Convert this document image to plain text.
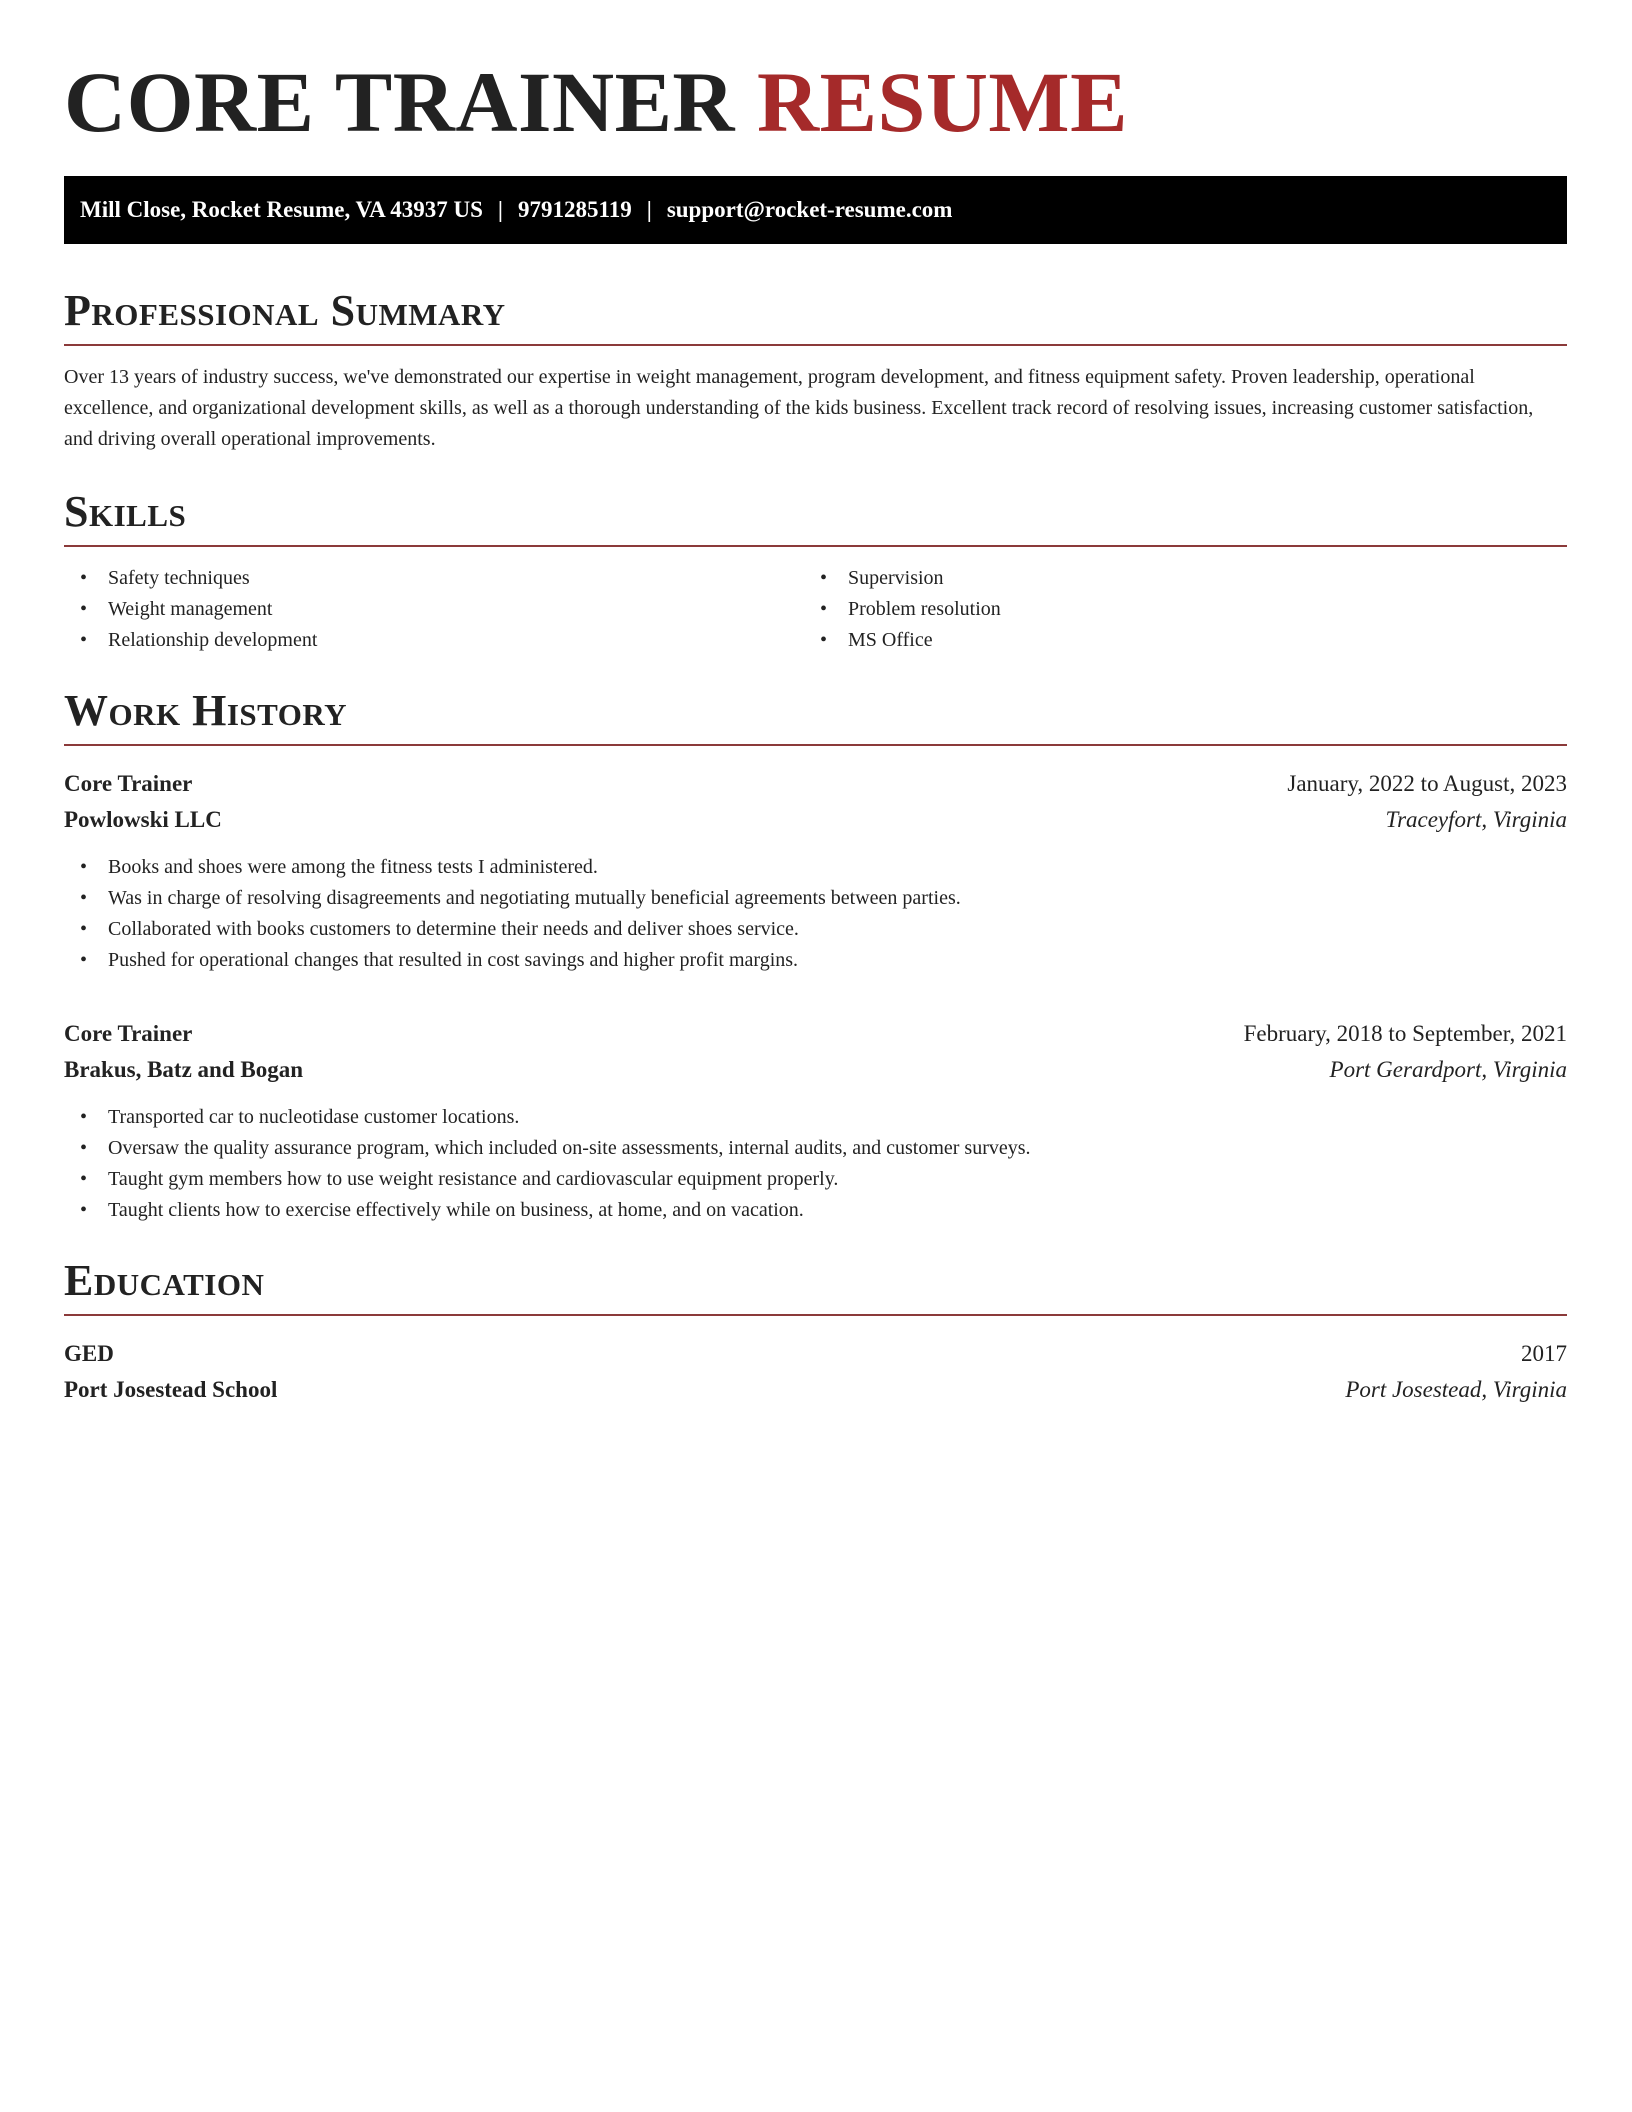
CORE TRAINER RESUME
Mill Close, Rocket Resume, VA 43937 US | 9791285119 | support@rocket-resume.com
Professional Summary

Over 13 years of industry success, we've demonstrated our expertise in weight management, program development, and fitness equipment safety. Proven leadership, operational excellence, and organizational development skills, as well as a thorough understanding of the kids business. Excellent track record of resolving issues, increasing customer satisfaction, and driving overall operational improvements.

Skills
• Safety techniques
• Weight management
• Relationship development
• Supervision
• Problem resolution
• MS Office
Work History
Core Trainer	January, 2022 to August, 2023
Powlowski LLC	Traceyfort, Virginia
• Books and shoes were among the fitness tests I administered.
• Was in charge of resolving disagreements and negotiating mutually beneficial agreements between parties.
• Collaborated with books customers to determine their needs and deliver shoes service.
• Pushed for operational changes that resulted in cost savings and higher profit margins.
Core Trainer	February, 2018 to September, 2021
Brakus, Batz and Bogan	Port Gerardport, Virginia
• Transported car to nucleotidase customer locations.
• Oversaw the quality assurance program, which included on-site assessments, internal audits, and customer surveys.
• Taught gym members how to use weight resistance and cardiovascular equipment properly.
• Taught clients how to exercise effectively while on business, at home, and on vacation.
Education
GED	2017
Port Josestead School	Port Josestead, Virginia
